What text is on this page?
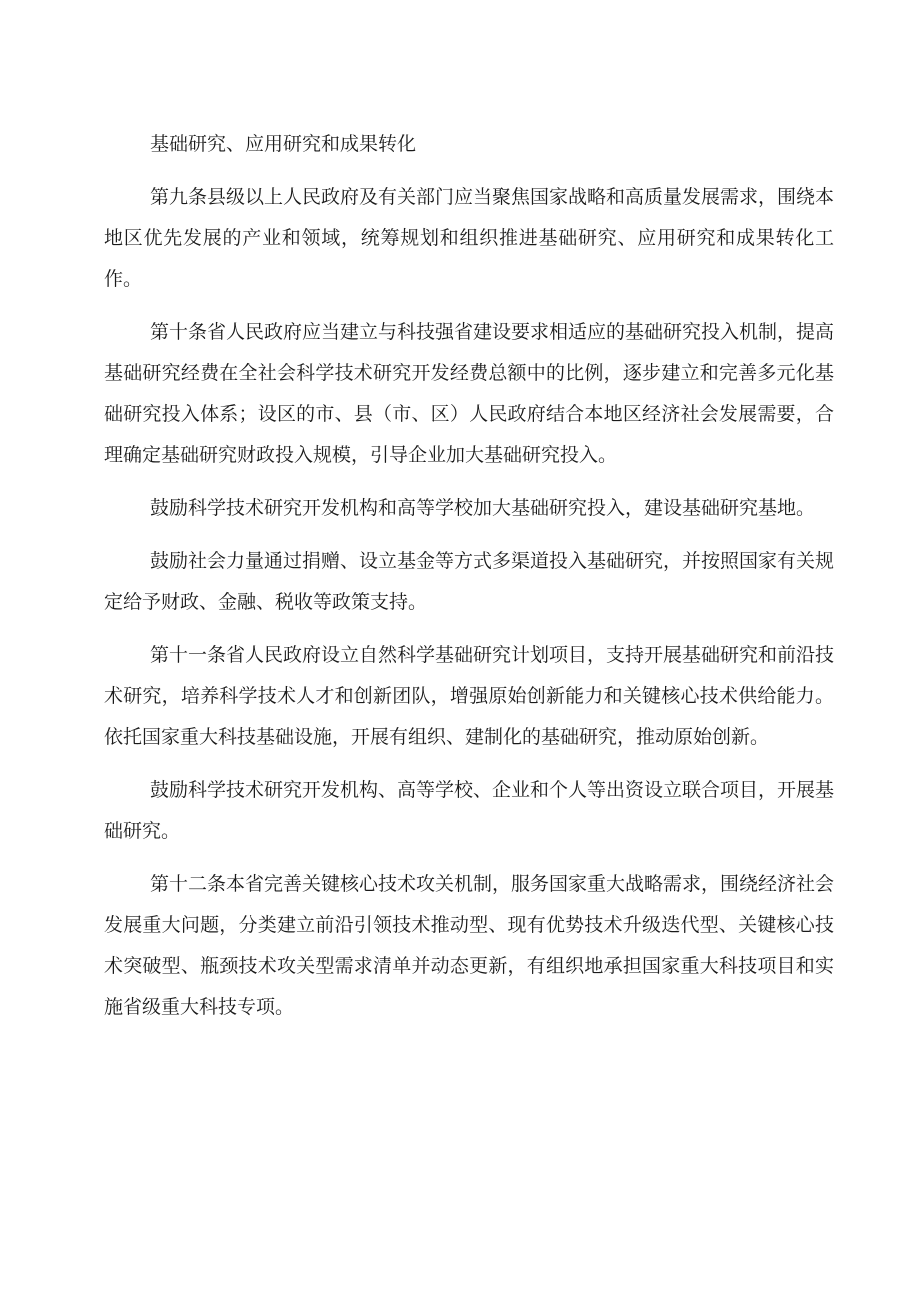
基础研究、应用研究和成果转化

第九条县级以上人民政府及有关部门应当聚焦国家战略和高质量发展需求，围绕本地区优先发展的产业和领域，统筹规划和组织推进基础研究、应用研究和成果转化工作。

第十条省人民政府应当建立与科技强省建设要求相适应的基础研究投入机制，提高基础研究经费在全社会科学技术研究开发经费总额中的比例，逐步建立和完善多元化基础研究投入体系；设区的市、县（市、区）人民政府结合本地区经济社会发展需要，合理确定基础研究财政投入规模，引导企业加大基础研究投入。

鼓励科学技术研究开发机构和高等学校加大基础研究投入，建设基础研究基地。

鼓励社会力量通过捐赠、设立基金等方式多渠道投入基础研究，并按照国家有关规定给予财政、金融、税收等政策支持。

第十一条省人民政府设立自然科学基础研究计划项目，支持开展基础研究和前沿技术研究，培养科学技术人才和创新团队，增强原始创新能力和关键核心技术供给能力。依托国家重大科技基础设施，开展有组织、建制化的基础研究，推动原始创新。

鼓励科学技术研究开发机构、高等学校、企业和个人等出资设立联合项目，开展基础研究。

第十二条本省完善关键核心技术攻关机制，服务国家重大战略需求，围绕经济社会发展重大问题，分类建立前沿引领技术推动型、现有优势技术升级迭代型、关键核心技术突破型、瓶颈技术攻关型需求清单并动态更新，有组织地承担国家重大科技项目和实施省级重大科技专项。
